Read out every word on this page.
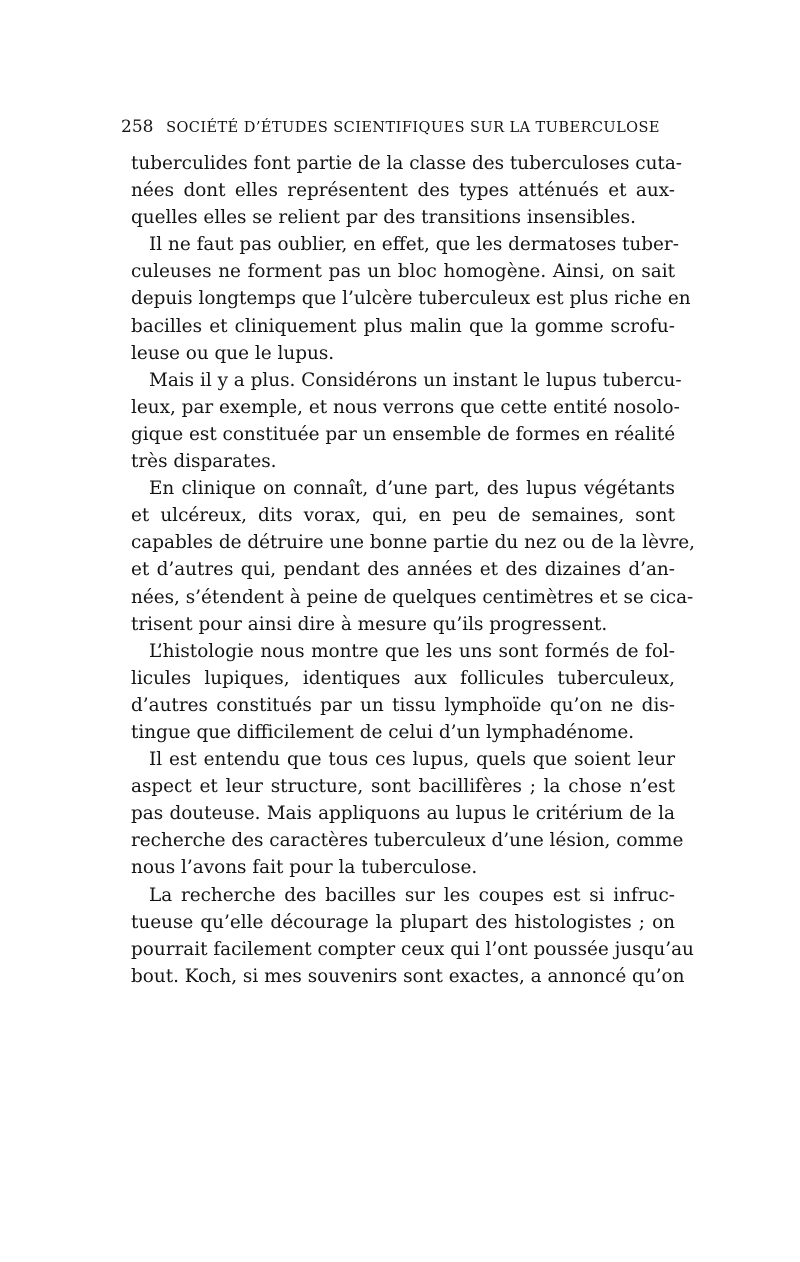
258 SOCIÉTÉ D’ÉTUDES SCIENTIFIQUES SUR LA TUBERCULOSE
tuberculides font partie de la classe des tuberculoses cuta-
nées dont elles représentent des types atténués et aux-
quelles elles se relient par des transitions insensibles.
Il ne faut pas oublier, en effet, que les dermatoses tuber-
culeuses ne forment pas un bloc homogène. Ainsi, on sait
depuis longtemps que l’ulcère tuberculeux est plus riche en
bacilles et cliniquement plus malin que la gomme scrofu-
leuse ou que le lupus.
Mais il y a plus. Considérons un instant le lupus tubercu-
leux, par exemple, et nous verrons que cette entité nosolo-
gique est constituée par un ensemble de formes en réalité
très disparates.
En clinique on connaît, d’une part, des lupus végétants
et ulcéreux, dits vorax, qui, en peu de semaines, sont
capables de détruire une bonne partie du nez ou de la lèvre,
et d’autres qui, pendant des années et des dizaines d’an-
nées, s’étendent à peine de quelques centimètres et se cica-
trisent pour ainsi dire à mesure qu’ils progressent.
L’histologie nous montre que les uns sont formés de fol-
licules lupiques, identiques aux follicules tuberculeux,
d’autres constitués par un tissu lymphoïde qu’on ne dis-
tingue que difficilement de celui d’un lymphadénome.
Il est entendu que tous ces lupus, quels que soient leur
aspect et leur structure, sont bacillifères ; la chose n’est
pas douteuse. Mais appliquons au lupus le critérium de la
recherche des caractères tuberculeux d’une lésion, comme
nous l’avons fait pour la tuberculose.
La recherche des bacilles sur les coupes est si infruc-
tueuse qu’elle décourage la plupart des histologistes ; on
pourrait facilement compter ceux qui l’ont poussée jusqu’au
bout. Koch, si mes souvenirs sont exactes, a annoncé qu’on
